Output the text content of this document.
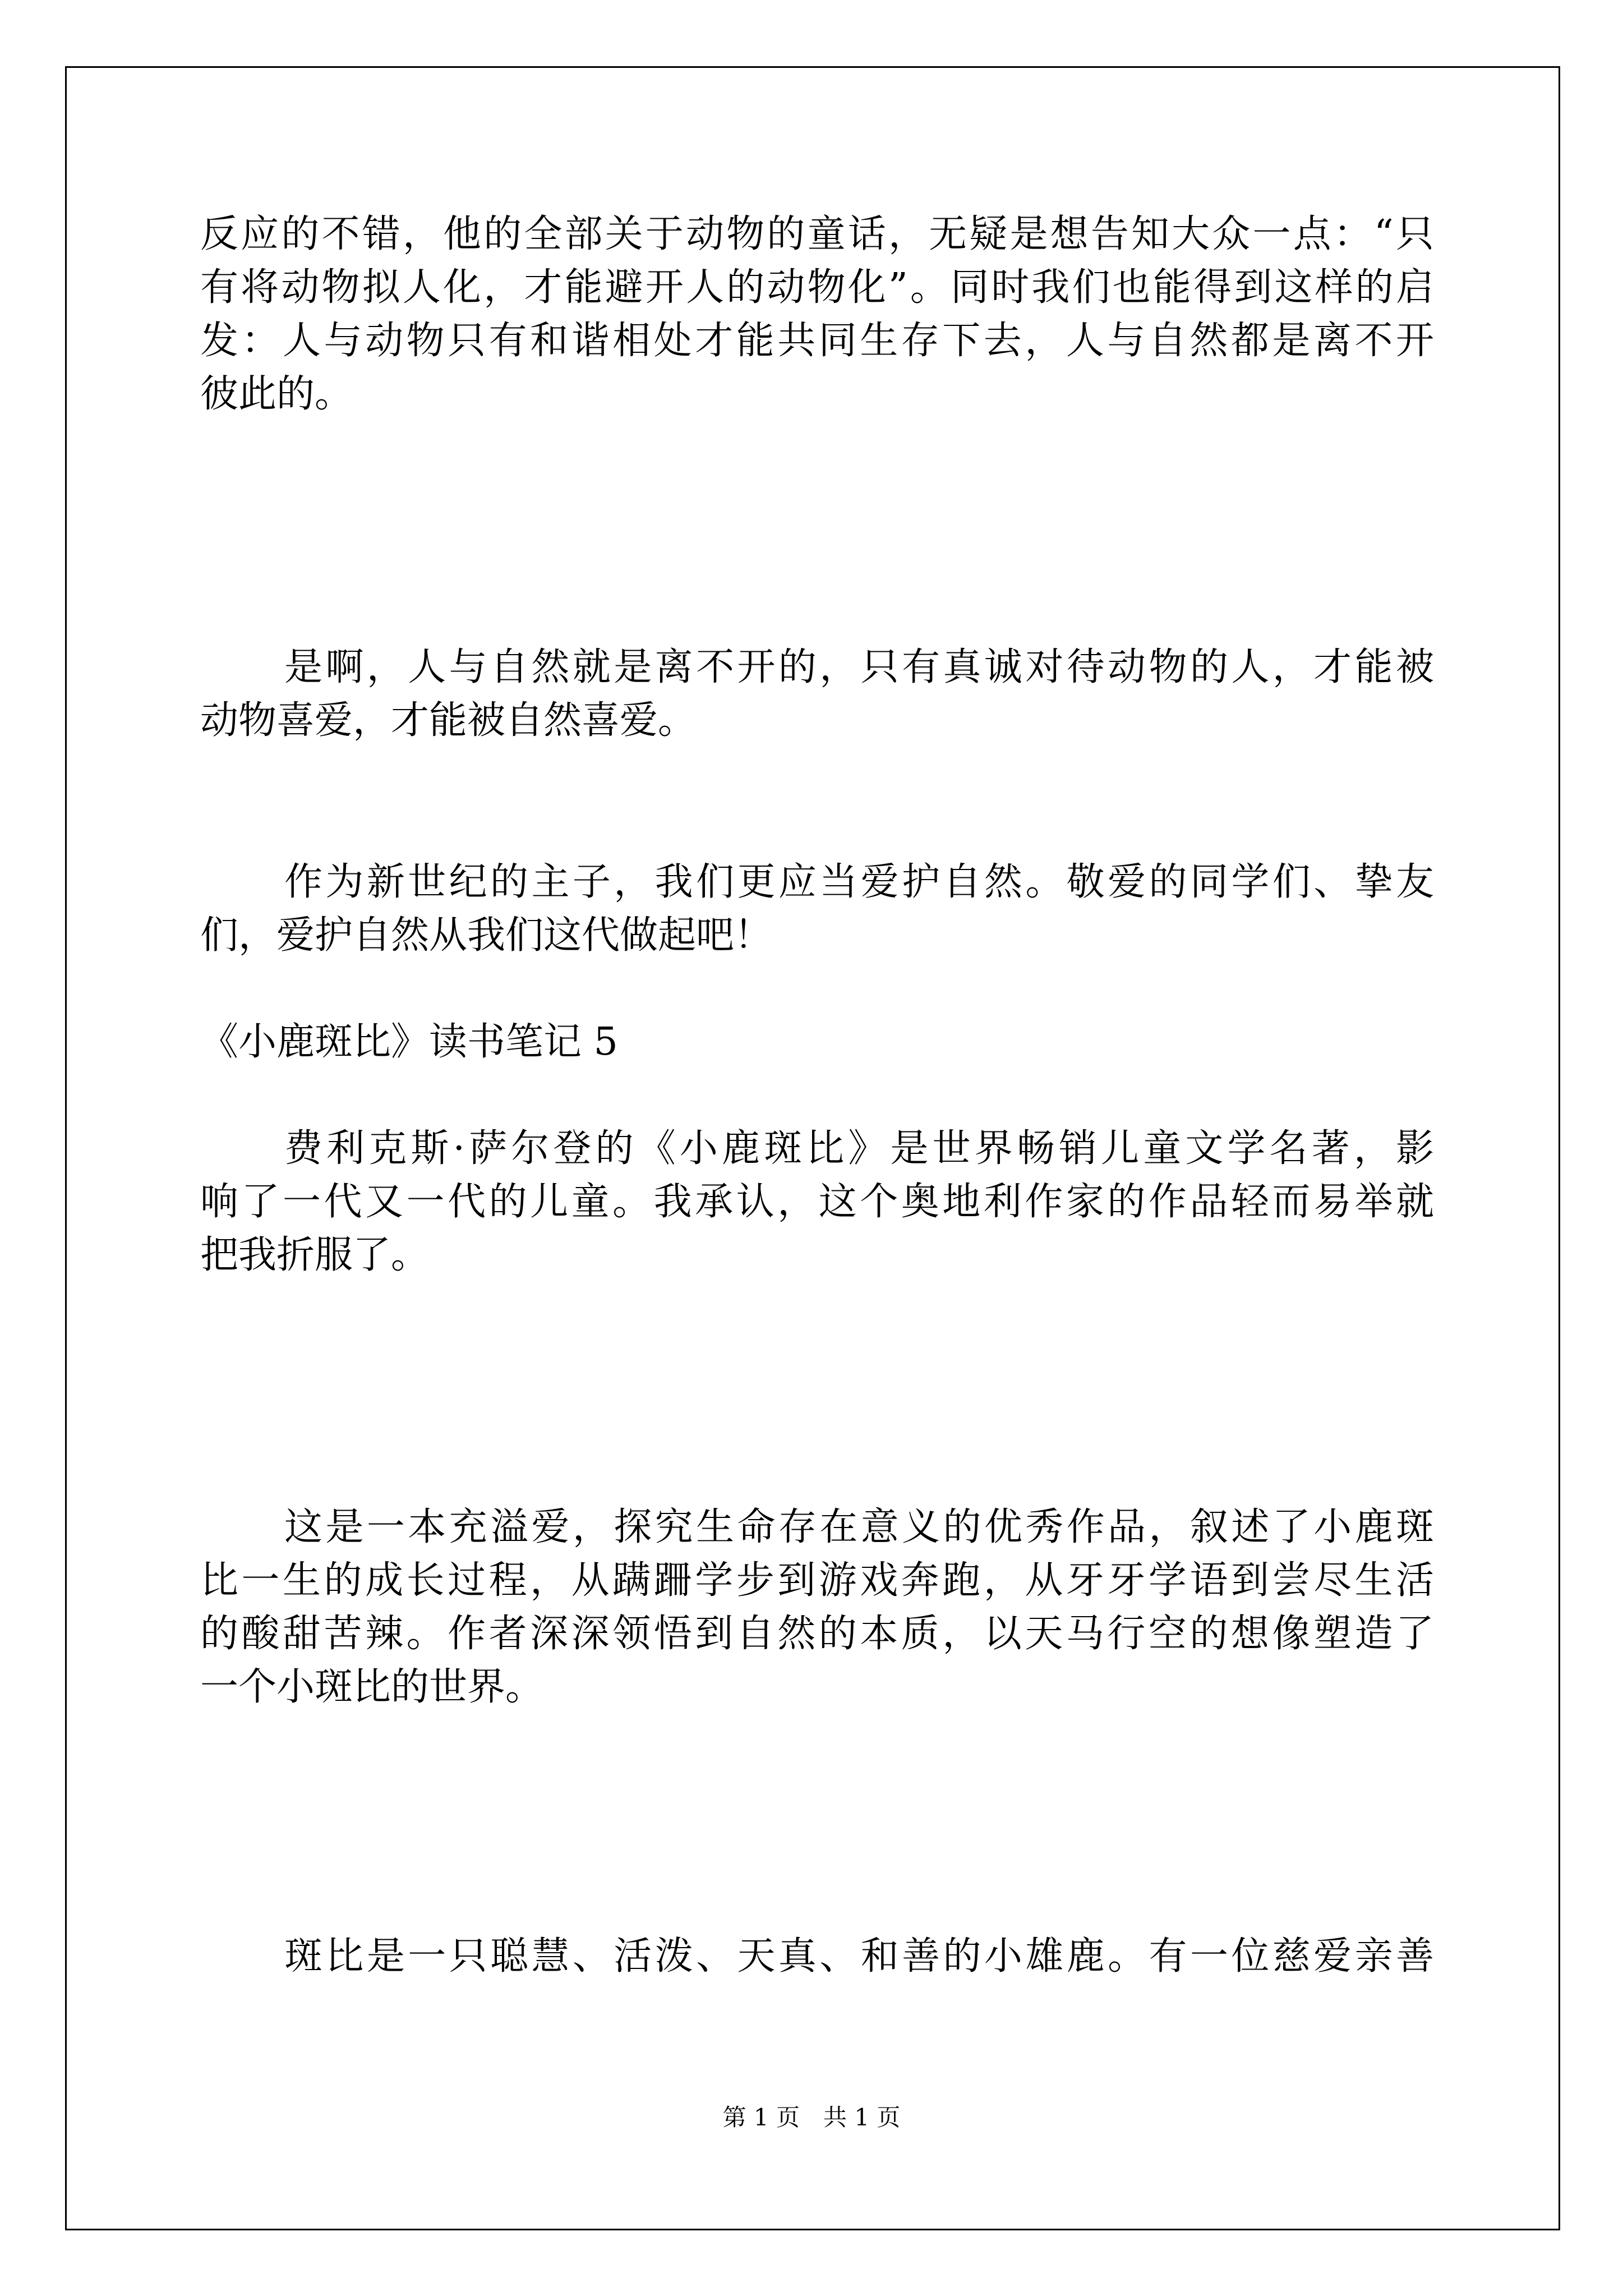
反应的不错，他的全部关于动物的童话，无疑是想告知大众一点：“只
有将动物拟人化，才能避开人的动物化”。同时我们也能得到这样的启
发：人与动物只有和谐相处才能共同生存下去，人与自然都是离不开
彼此的。
是啊，人与自然就是离不开的，只有真诚对待动物的人，才能被
动物喜爱，才能被自然喜爱。
作为新世纪的主子，我们更应当爱护自然。敬爱的同学们、挚友
们，爱护自然从我们这代做起吧！
《小鹿斑比》读书笔记 5
费利克斯·萨尔登的《小鹿斑比》是世界畅销儿童文学名著，影
响了一代又一代的儿童。我承认，这个奥地利作家的作品轻而易举就
把我折服了。
这是一本充溢爱，探究生命存在意义的优秀作品，叙述了小鹿斑
比一生的成长过程，从蹒跚学步到游戏奔跑，从牙牙学语到尝尽生活
的酸甜苦辣。作者深深领悟到自然的本质，以天马行空的想像塑造了
一个小斑比的世界。
斑比是一只聪慧、活泼、天真、和善的小雄鹿。有一位慈爱亲善
第 1 页　共 1 页
